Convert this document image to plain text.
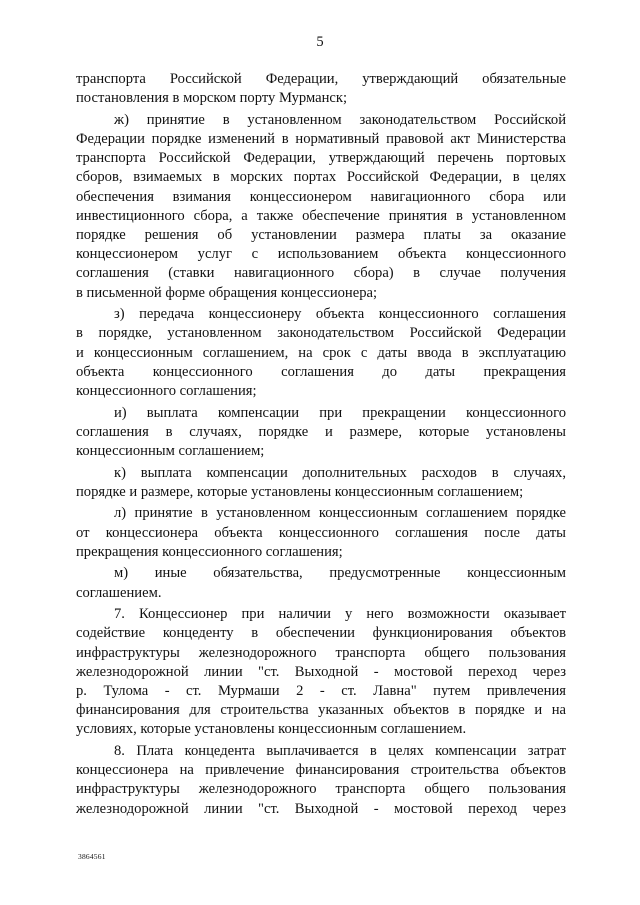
5
транспорта Российской Федерации, утверждающий обязательные
постановления в морском порту Мурманск;
ж) принятие в установленном законодательством Российской
Федерации порядке изменений в нормативный правовой акт Министерства
транспорта Российской Федерации, утверждающий перечень портовых
сборов, взимаемых в морских портах Российской Федерации, в целях
обеспечения взимания концессионером навигационного сбора или
инвестиционного сбора, а также обеспечение принятия в установленном
порядке решения об установлении размера платы за оказание
концессионером услуг с использованием объекта концессионного
соглашения (ставки навигационного сбора) в случае получения
в письменной форме обращения концессионера;
з) передача концессионеру объекта концессионного соглашения
в порядке, установленном законодательством Российской Федерации
и концессионным соглашением, на срок с даты ввода в эксплуатацию
объекта концессионного соглашения до даты прекращения
концессионного соглашения;
и) выплата компенсации при прекращении концессионного
соглашения в случаях, порядке и размере, которые установлены
концессионным соглашением;
к) выплата компенсации дополнительных расходов в случаях,
порядке и размере, которые установлены концессионным соглашением;
л) принятие в установленном концессионным соглашением порядке
от концессионера объекта концессионного соглашения после даты
прекращения концессионного соглашения;
м) иные обязательства, предусмотренные концессионным
соглашением.
7. Концессионер при наличии у него возможности оказывает
содействие концеденту в обеспечении функционирования объектов
инфраструктуры железнодорожного транспорта общего пользования
железнодорожной линии "ст. Выходной - мостовой переход через
р. Тулома - ст. Мурмаши 2 - ст. Лавна" путем привлечения
финансирования для строительства указанных объектов в порядке и на
условиях, которые установлены концессионным соглашением.
8. Плата концедента выплачивается в целях компенсации затрат
концессионера на привлечение финансирования строительства объектов
инфраструктуры железнодорожного транспорта общего пользования
железнодорожной линии "ст. Выходной - мостовой переход через
3864561
